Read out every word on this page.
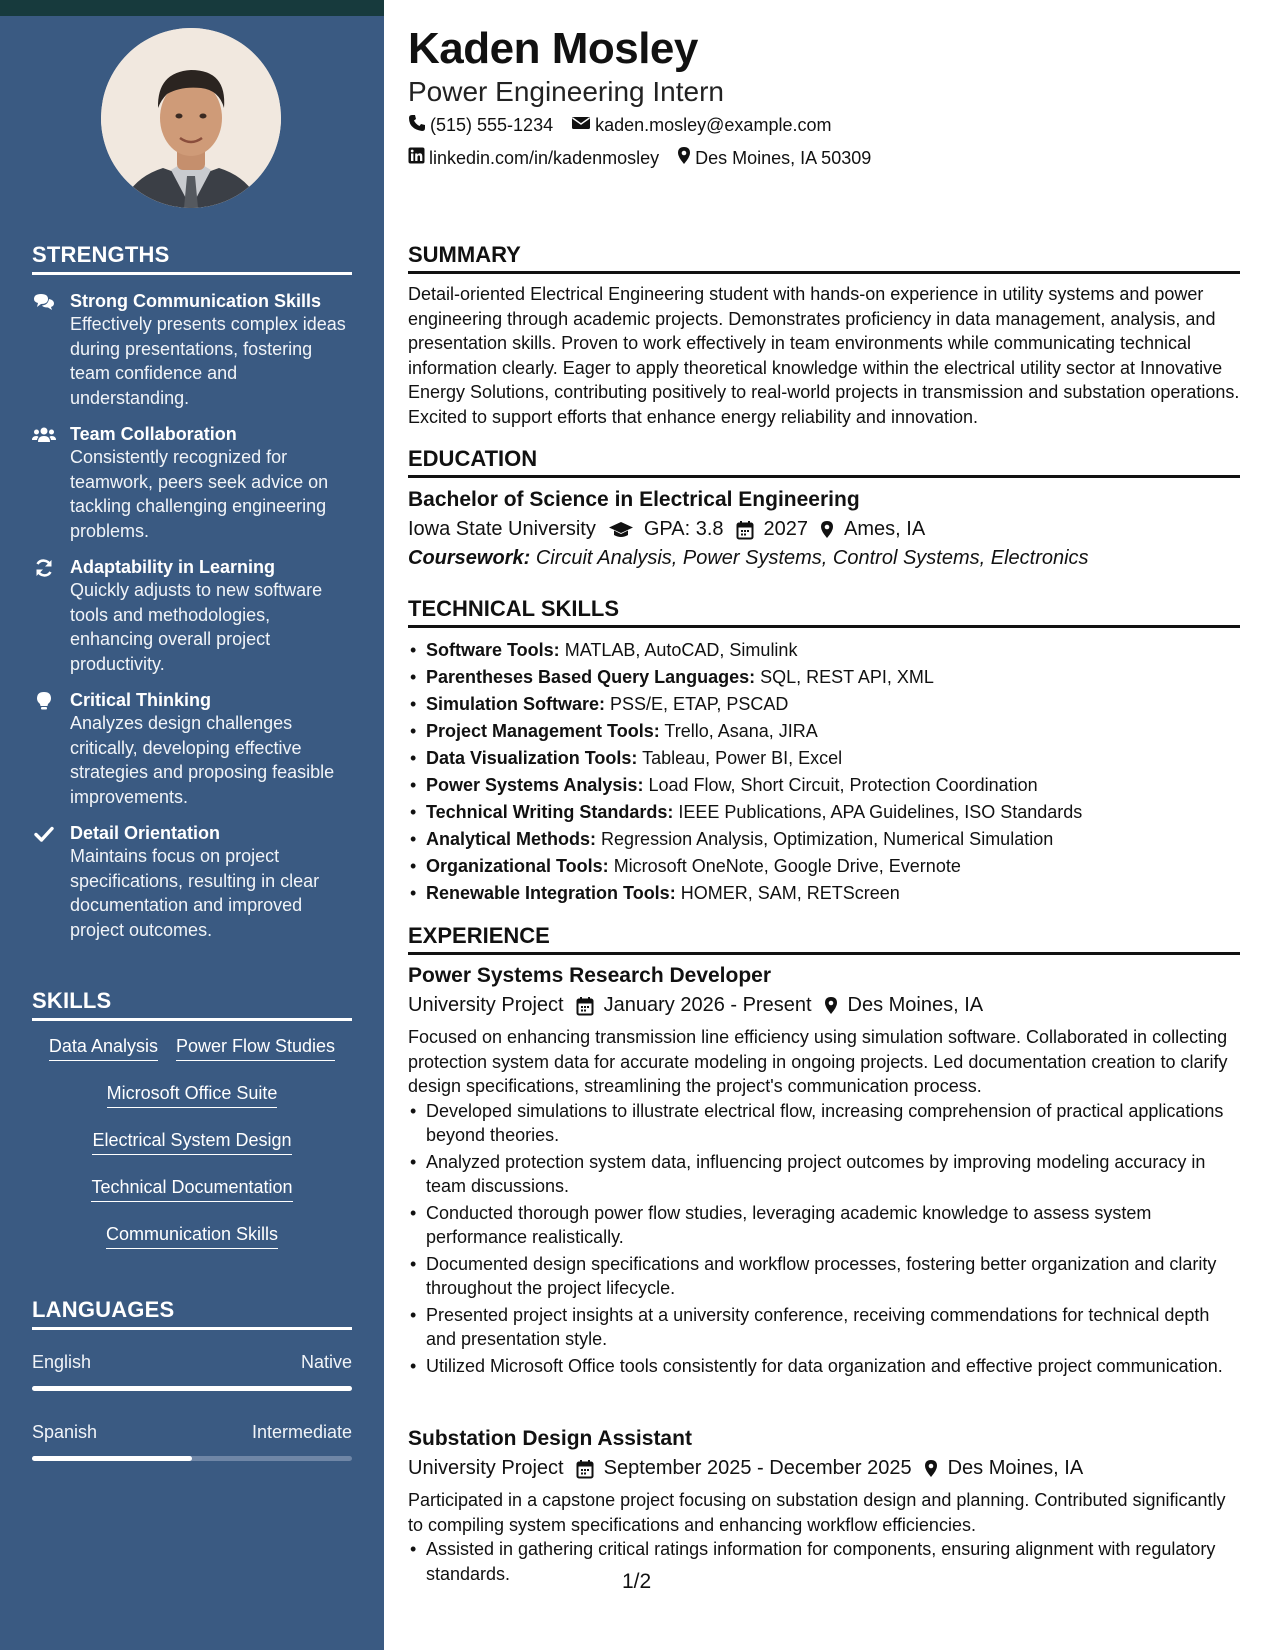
STRENGTHS
Strong Communication Skills
Effectively presents complex ideas during presentations, fostering team confidence and understanding.
Team Collaboration
Consistently recognized for teamwork, peers seek advice on tackling challenging engineering problems.
Adaptability in Learning
Quickly adjusts to new software tools and methodologies, enhancing overall project productivity.
Critical Thinking
Analyzes design challenges critically, developing effective strategies and proposing feasible improvements.
Detail Orientation
Maintains focus on project specifications, resulting in clear documentation and improved project outcomes.
SKILLS
Data Analysis Power Flow Studies
Microsoft Office Suite
Electrical System Design
Technical Documentation
Communication Skills
LANGUAGES
English	Native
Spanish	Intermediate
Kaden Mosley
Power Engineering Intern
(515) 555-1234 kaden.mosley@example.com
linkedin.com/in/kadenmosley Des Moines, IA 50309
SUMMARY
Detail-oriented Electrical Engineering student with hands-on experience in utility systems and power engineering through academic projects. Demonstrates proficiency in data management, analysis, and presentation skills. Proven to work effectively in team environments while communicating technical information clearly. Eager to apply theoretical knowledge within the electrical utility sector at Innovative Energy Solutions, contributing positively to real-world projects in transmission and substation operations. Excited to support efforts that enhance energy reliability and innovation.
EDUCATION
Bachelor of Science in Electrical Engineering
Iowa State University GPA: 3.8 2027 Ames, IA
Coursework: Circuit Analysis, Power Systems, Control Systems, Electronics
TECHNICAL SKILLS
• Software Tools: MATLAB, AutoCAD, Simulink
• Parentheses Based Query Languages: SQL, REST API, XML
• Simulation Software: PSS/E, ETAP, PSCAD
• Project Management Tools: Trello, Asana, JIRA
• Data Visualization Tools: Tableau, Power BI, Excel
• Power Systems Analysis: Load Flow, Short Circuit, Protection Coordination
• Technical Writing Standards: IEEE Publications, APA Guidelines, ISO Standards
• Analytical Methods: Regression Analysis, Optimization, Numerical Simulation
• Organizational Tools: Microsoft OneNote, Google Drive, Evernote
• Renewable Integration Tools: HOMER, SAM, RETScreen
EXPERIENCE
Power Systems Research Developer
University Project January 2026 - Present Des Moines, IA
Focused on enhancing transmission line efficiency using simulation software. Collaborated in collecting protection system data for accurate modeling in ongoing projects. Led documentation creation to clarify design specifications, streamlining the project's communication process.
• Developed simulations to illustrate electrical flow, increasing comprehension of practical applications beyond theories.
• Analyzed protection system data, influencing project outcomes by improving modeling accuracy in team discussions.
• Conducted thorough power flow studies, leveraging academic knowledge to assess system performance realistically.
• Documented design specifications and workflow processes, fostering better organization and clarity throughout the project lifecycle.
• Presented project insights at a university conference, receiving commendations for technical depth and presentation style.
• Utilized Microsoft Office tools consistently for data organization and effective project communication.
Substation Design Assistant
University Project September 2025 - December 2025 Des Moines, IA
Participated in a capstone project focusing on substation design and planning. Contributed significantly to compiling system specifications and enhancing workflow efficiencies.
• Assisted in gathering critical ratings information for components, ensuring alignment with regulatory standards.	1/2
